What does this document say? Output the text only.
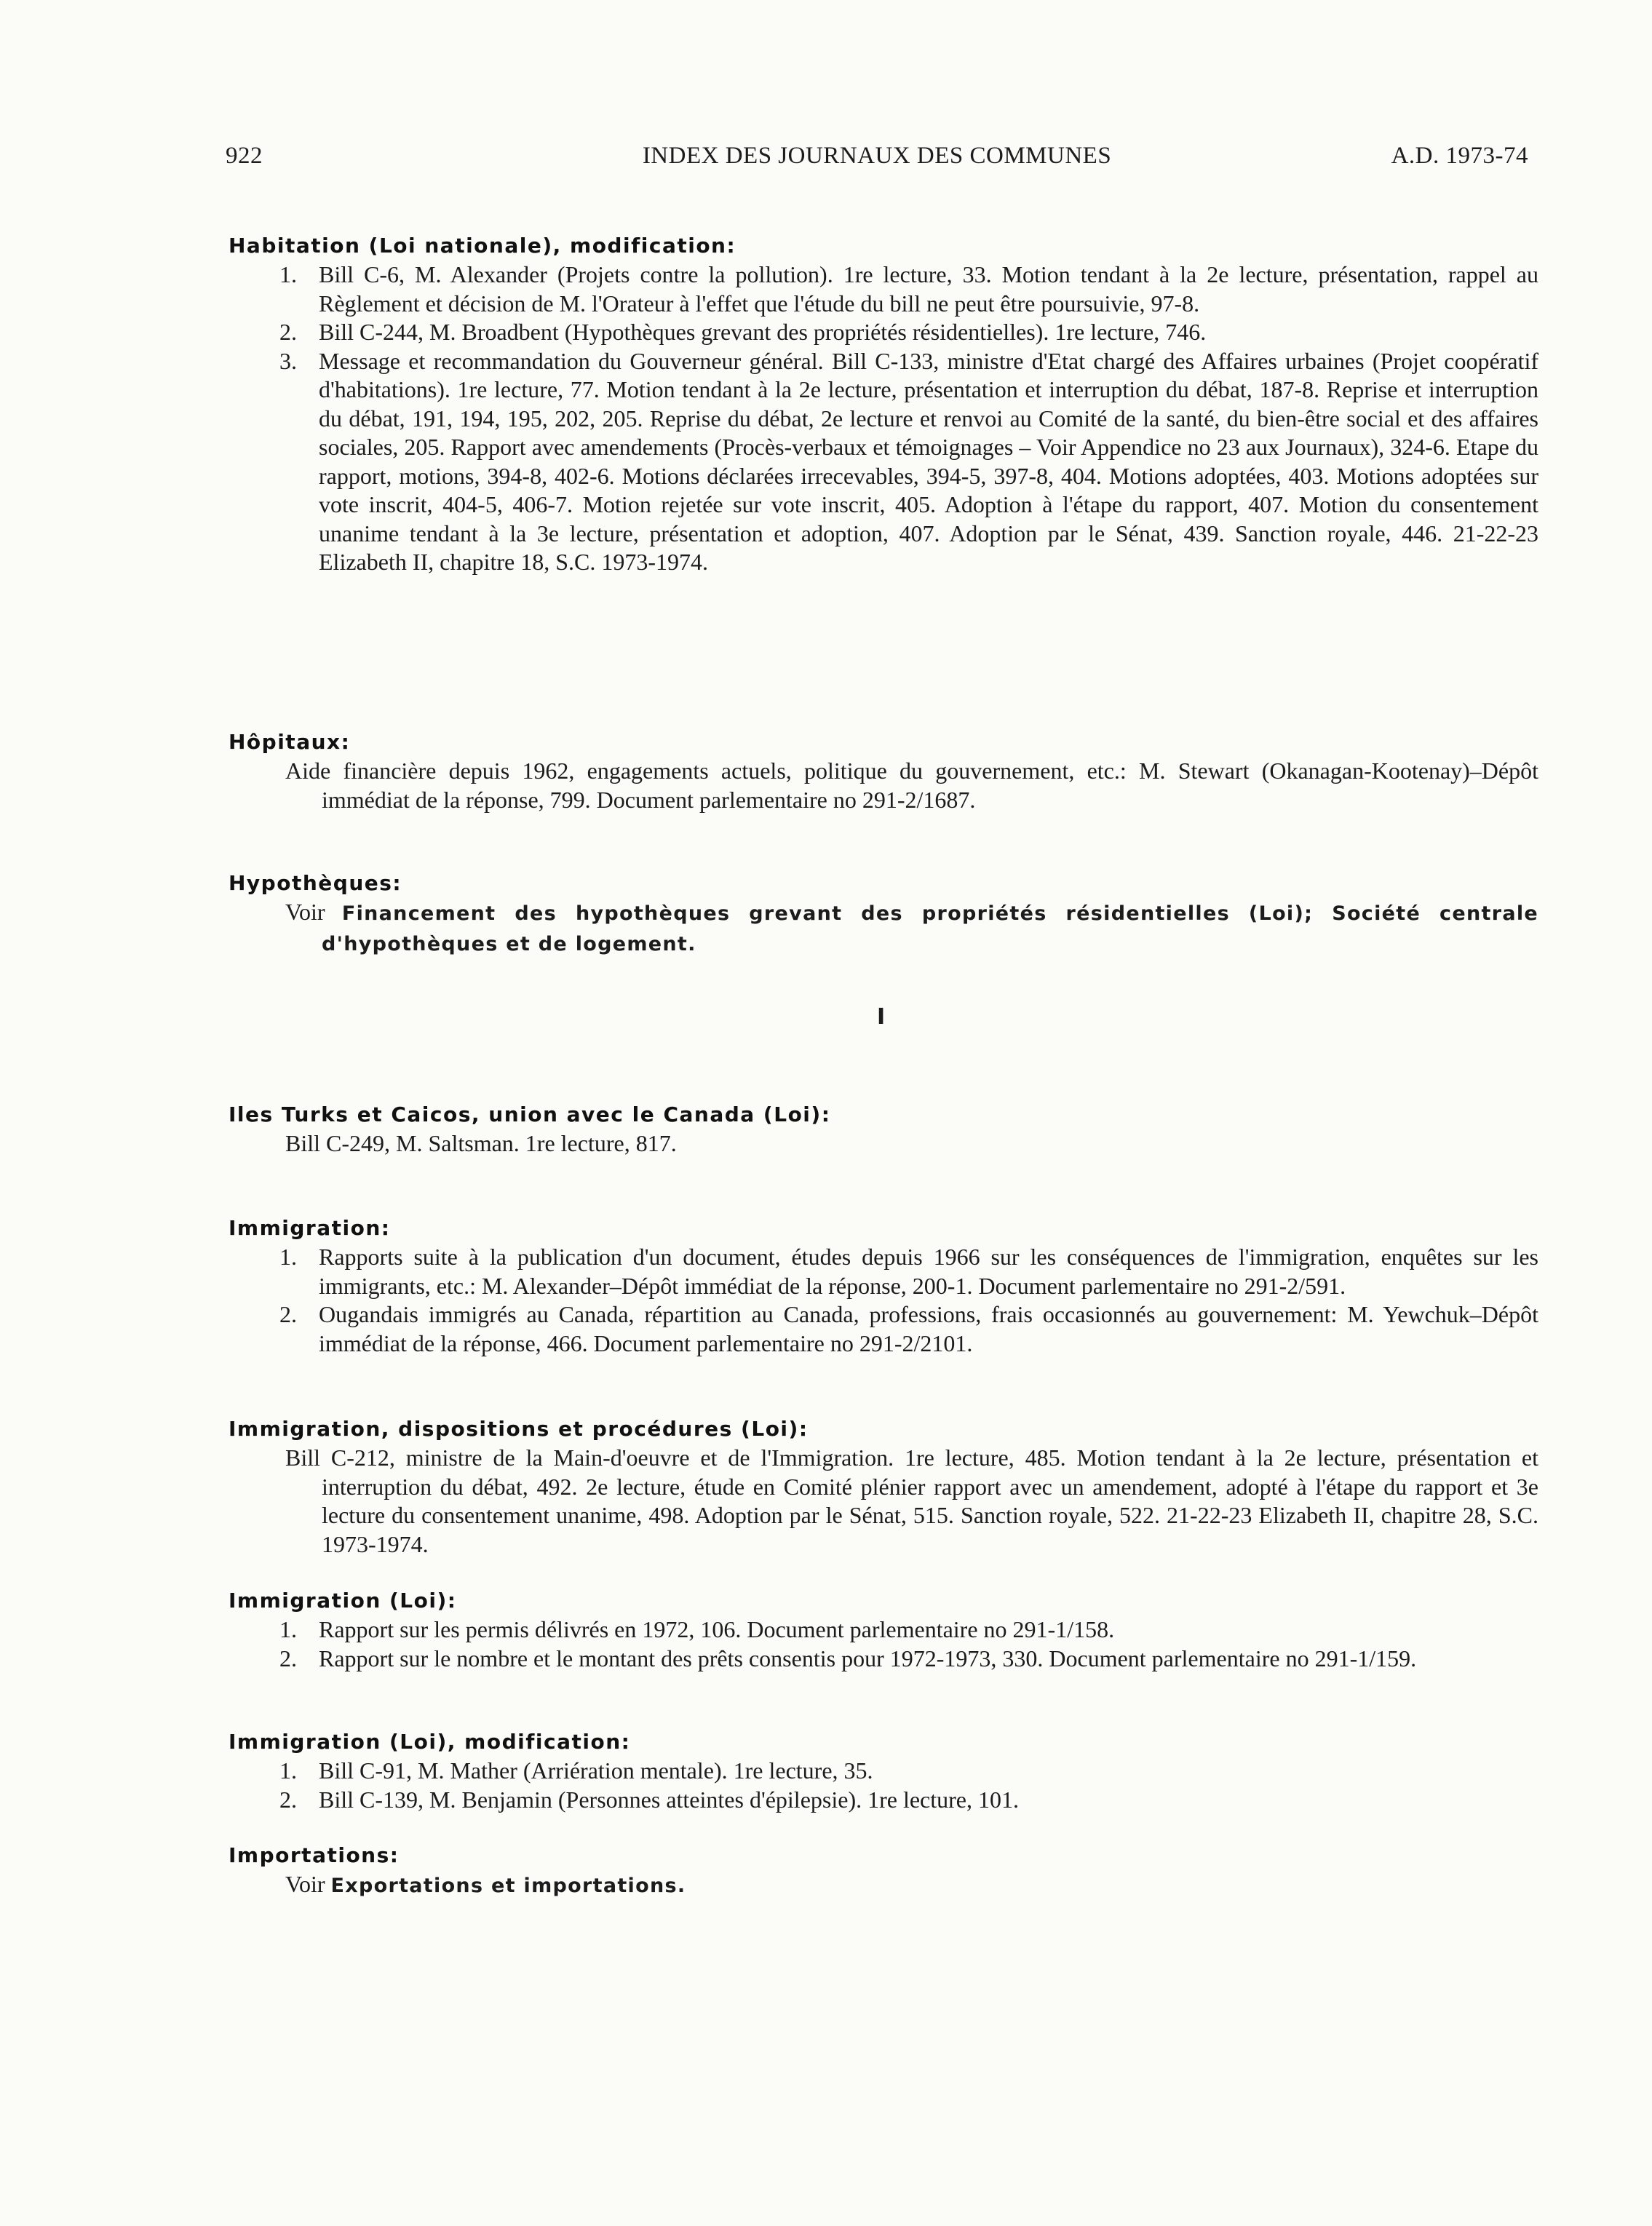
922	INDEX DES JOURNAUX DES COMMUNES	A.D. 1973-74
Habitation (Loi nationale), modification:
1. Bill C-6, M. Alexander (Projets contre la pollution). 1re lecture, 33. Motion tendant à la 2e lecture, présentation, rappel au Règlement et décision de M. l'Orateur à l'effet que l'étude du bill ne peut être poursuivie, 97-8.
2. Bill C-244, M. Broadbent (Hypothèques grevant des propriétés résidentielles). 1re lecture, 746.
3. Message et recommandation du Gouverneur général. Bill C-133, ministre d'Etat chargé des Affaires urbaines (Projet coopératif d'habitations). 1re lecture, 77. Motion tendant à la 2e lecture, présentation et interruption du débat, 187-8. Reprise et interruption du débat, 191, 194, 195, 202, 205. Reprise du débat, 2e lecture et renvoi au Comité de la santé, du bien-être social et des affaires sociales, 205. Rapport avec amendements (Procès-verbaux et témoignages – Voir Appendice no 23 aux Journaux), 324-6. Etape du rapport, motions, 394-8, 402-6. Motions déclarées irrecevables, 394-5, 397-8, 404. Motions adoptées, 403. Motions adoptées sur vote inscrit, 404-5, 406-7. Motion rejetée sur vote inscrit, 405. Adoption à l'étape du rapport, 407. Motion du consentement unanime tendant à la 3e lecture, présentation et adoption, 407. Adoption par le Sénat, 439. Sanction royale, 446. 21-22-23 Elizabeth II, chapitre 18, S.C. 1973-1974.
Hôpitaux:
Aide financière depuis 1962, engagements actuels, politique du gouvernement, etc.: M. Stewart (Okanagan-Kootenay)–Dépôt immédiat de la réponse, 799. Document parlementaire no 291-2/1687.
Hypothèques:
Voir Financement des hypothèques grevant des propriétés résidentielles (Loi); Société centrale d'hypothèques et de logement.
I
Iles Turks et Caicos, union avec le Canada (Loi):
Bill C-249, M. Saltsman. 1re lecture, 817.
Immigration:
1. Rapports suite à la publication d'un document, études depuis 1966 sur les conséquences de l'immigration, enquêtes sur les immigrants, etc.: M. Alexander–Dépôt immédiat de la réponse, 200-1. Document parlementaire no 291-2/591.
2. Ougandais immigrés au Canada, répartition au Canada, professions, frais occasionnés au gouvernement: M. Yewchuk–Dépôt immédiat de la réponse, 466. Document parlementaire no 291-2/2101.
Immigration, dispositions et procédures (Loi):
Bill C-212, ministre de la Main-d'oeuvre et de l'Immigration. 1re lecture, 485. Motion tendant à la 2e lecture, présentation et interruption du débat, 492. 2e lecture, étude en Comité plénier rapport avec un amendement, adopté à l'étape du rapport et 3e lecture du consentement unanime, 498. Adoption par le Sénat, 515. Sanction royale, 522. 21-22-23 Elizabeth II, chapitre 28, S.C. 1973-1974.
Immigration (Loi):
1. Rapport sur les permis délivrés en 1972, 106. Document parlementaire no 291-1/158.
2. Rapport sur le nombre et le montant des prêts consentis pour 1972-1973, 330. Document parlementaire no 291-1/159.
Immigration (Loi), modification:
1. Bill C-91, M. Mather (Arriération mentale). 1re lecture, 35.
2. Bill C-139, M. Benjamin (Personnes atteintes d'épilepsie). 1re lecture, 101.
Importations:
Voir Exportations et importations.
